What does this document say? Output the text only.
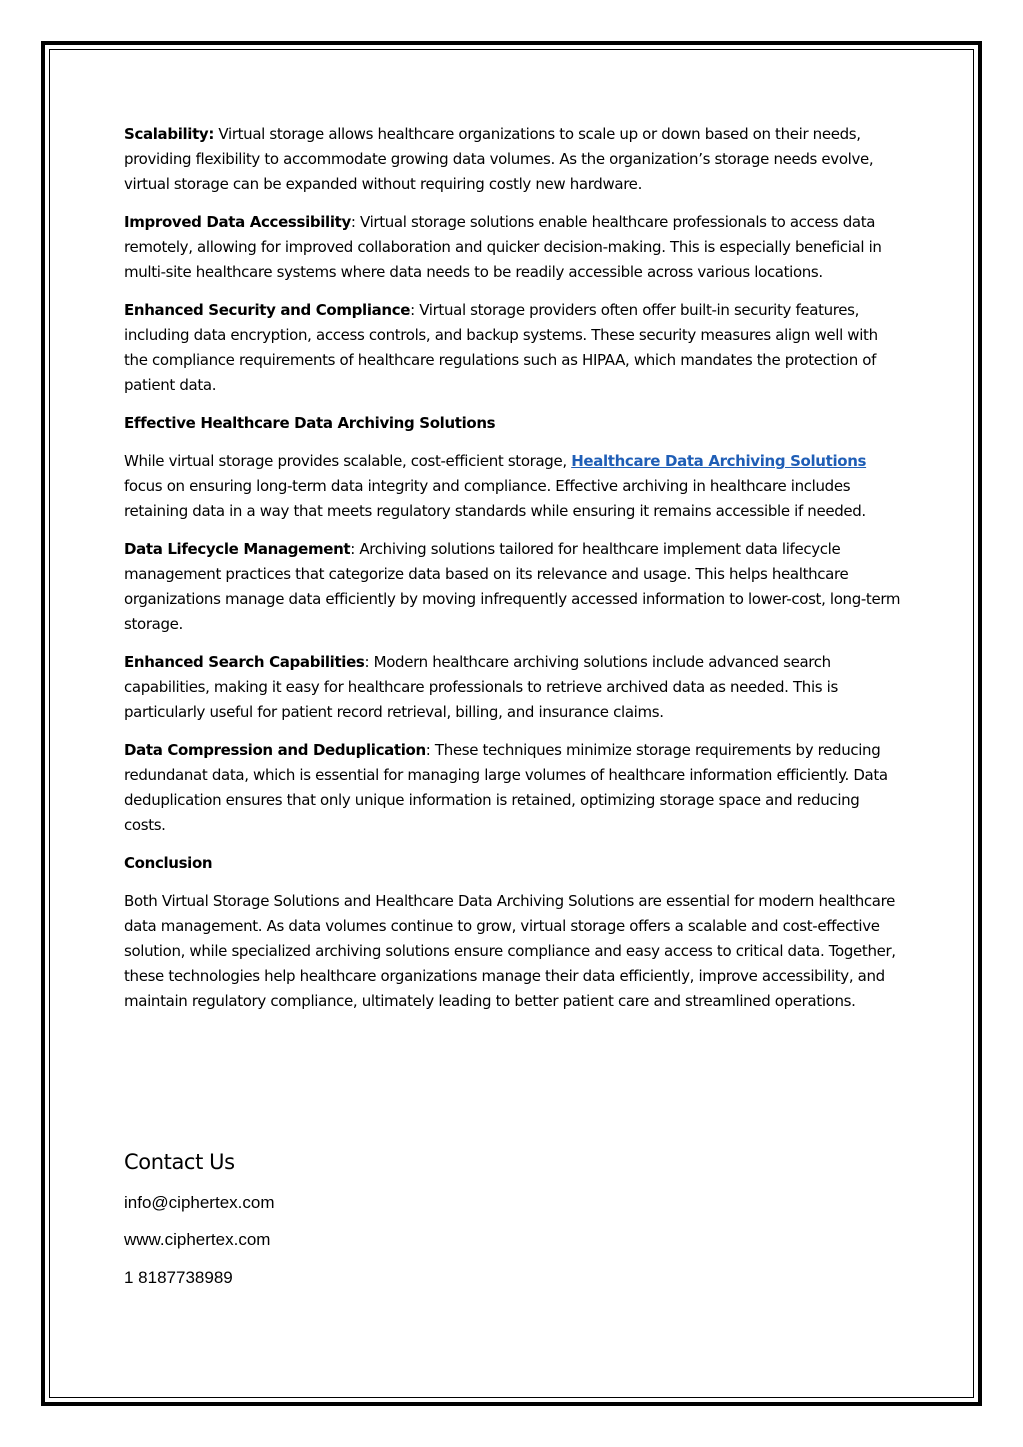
Scalability: Virtual storage allows healthcare organizations to scale up or down based on their needs, providing flexibility to accommodate growing data volumes. As the organization’s storage needs evolve, virtual storage can be expanded without requiring costly new hardware.

Improved Data Accessibility: Virtual storage solutions enable healthcare professionals to access data remotely, allowing for improved collaboration and quicker decision-making. This is especially beneficial in multi-site healthcare systems where data needs to be readily accessible across various locations.

Enhanced Security and Compliance: Virtual storage providers often offer built-in security features, including data encryption, access controls, and backup systems. These security measures align well with the compliance requirements of healthcare regulations such as HIPAA, which mandates the protection of patient data.

Effective Healthcare Data Archiving Solutions

While virtual storage provides scalable, cost-efficient storage, Healthcare Data Archiving Solutions focus on ensuring long-term data integrity and compliance. Effective archiving in healthcare includes retaining data in a way that meets regulatory standards while ensuring it remains accessible if needed.

Data Lifecycle Management: Archiving solutions tailored for healthcare implement data lifecycle management practices that categorize data based on its relevance and usage. This helps healthcare organizations manage data efficiently by moving infrequently accessed information to lower-cost, long-term storage.

Enhanced Search Capabilities: Modern healthcare archiving solutions include advanced search capabilities, making it easy for healthcare professionals to retrieve archived data as needed. This is particularly useful for patient record retrieval, billing, and insurance claims.

Data Compression and Deduplication: These techniques minimize storage requirements by reducing redundanat data, which is essential for managing large volumes of healthcare information efficiently. Data deduplication ensures that only unique information is retained, optimizing storage space and reducing costs.

Conclusion

Both Virtual Storage Solutions and Healthcare Data Archiving Solutions are essential for modern healthcare data management. As data volumes continue to grow, virtual storage offers a scalable and cost-effective solution, while specialized archiving solutions ensure compliance and easy access to critical data. Together, these technologies help healthcare organizations manage their data efficiently, improve accessibility, and maintain regulatory compliance, ultimately leading to better patient care and streamlined operations.

Contact Us

info@ciphertex.com

www.ciphertex.com

1 8187738989
